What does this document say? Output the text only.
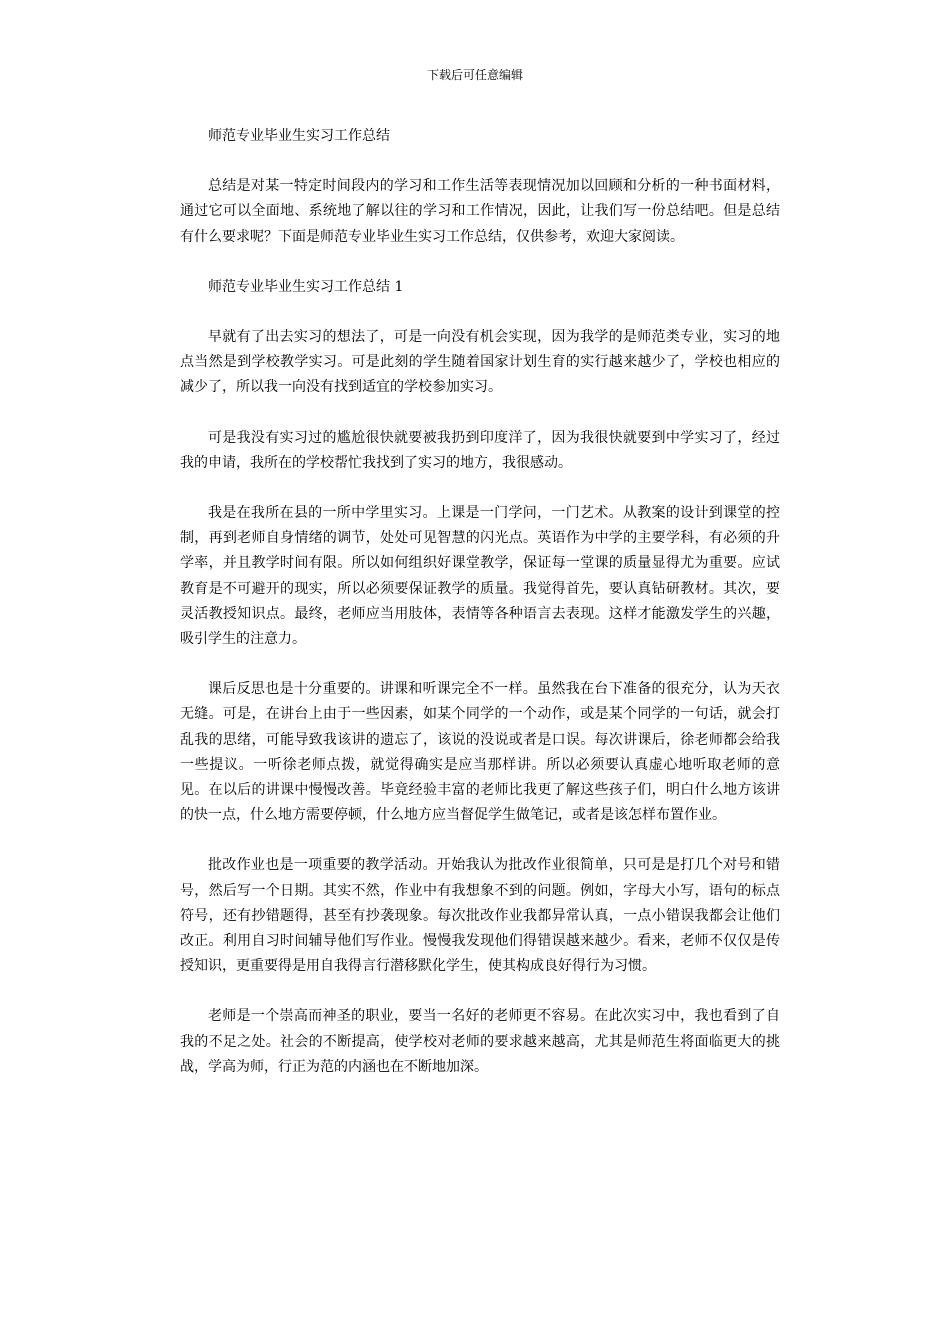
下载后可任意编辑

师范专业毕业生实习工作总结

总结是对某一特定时间段内的学习和工作生活等表现情况加以回顾和分析的一种书面材料，通过它可以全面地、系统地了解以往的学习和工作情况，因此，让我们写一份总结吧。但是总结有什么要求呢？下面是师范专业毕业生实习工作总结，仅供参考，欢迎大家阅读。

师范专业毕业生实习工作总结 1

早就有了出去实习的想法了，可是一向没有机会实现，因为我学的是师范类专业，实习的地点当然是到学校教学实习。可是此刻的学生随着国家计划生育的实行越来越少了，学校也相应的减少了，所以我一向没有找到适宜的学校参加实习。

可是我没有实习过的尴尬很快就要被我扔到印度洋了，因为我很快就要到中学实习了，经过我的申请，我所在的学校帮忙我找到了实习的地方，我很感动。

我是在我所在县的一所中学里实习。上课是一门学问，一门艺术。从教案的设计到课堂的控制，再到老师自身情绪的调节，处处可见智慧的闪光点。英语作为中学的主要学科，有必须的升学率，并且教学时间有限。所以如何组织好课堂教学，保证每一堂课的质量显得尤为重要。应试教育是不可避开的现实，所以必须要保证教学的质量。我觉得首先，要认真钻研教材。其次，要灵活教授知识点。最终，老师应当用肢体，表情等各种语言去表现。这样才能激发学生的兴趣，吸引学生的注意力。

课后反思也是十分重要的。讲课和听课完全不一样。虽然我在台下准备的很充分，认为天衣无缝。可是，在讲台上由于一些因素，如某个同学的一个动作，或是某个同学的一句话，就会打乱我的思绪，可能导致我该讲的遗忘了，该说的没说或者是口误。每次讲课后，徐老师都会给我一些提议。一听徐老师点拨，就觉得确实是应当那样讲。所以必须要认真虚心地听取老师的意见。在以后的讲课中慢慢改善。毕竟经验丰富的老师比我更了解这些孩子们，明白什么地方该讲的快一点，什么地方需要停顿，什么地方应当督促学生做笔记，或者是该怎样布置作业。

批改作业也是一项重要的教学活动。开始我认为批改作业很简单，只可是是打几个对号和错号，然后写一个日期。其实不然，作业中有我想象不到的问题。例如，字母大小写，语句的标点符号，还有抄错题得，甚至有抄袭现象。每次批改作业我都异常认真，一点小错误我都会让他们改正。利用自习时间辅导他们写作业。慢慢我发现他们得错误越来越少。看来，老师不仅仅是传授知识，更重要得是用自我得言行潜移默化学生，使其构成良好得行为习惯。

老师是一个崇高而神圣的职业，要当一名好的老师更不容易。在此次实习中，我也看到了自我的不足之处。社会的不断提高，使学校对老师的要求越来越高，尤其是师范生将面临更大的挑战，学高为师，行正为范的内涵也在不断地加深。
